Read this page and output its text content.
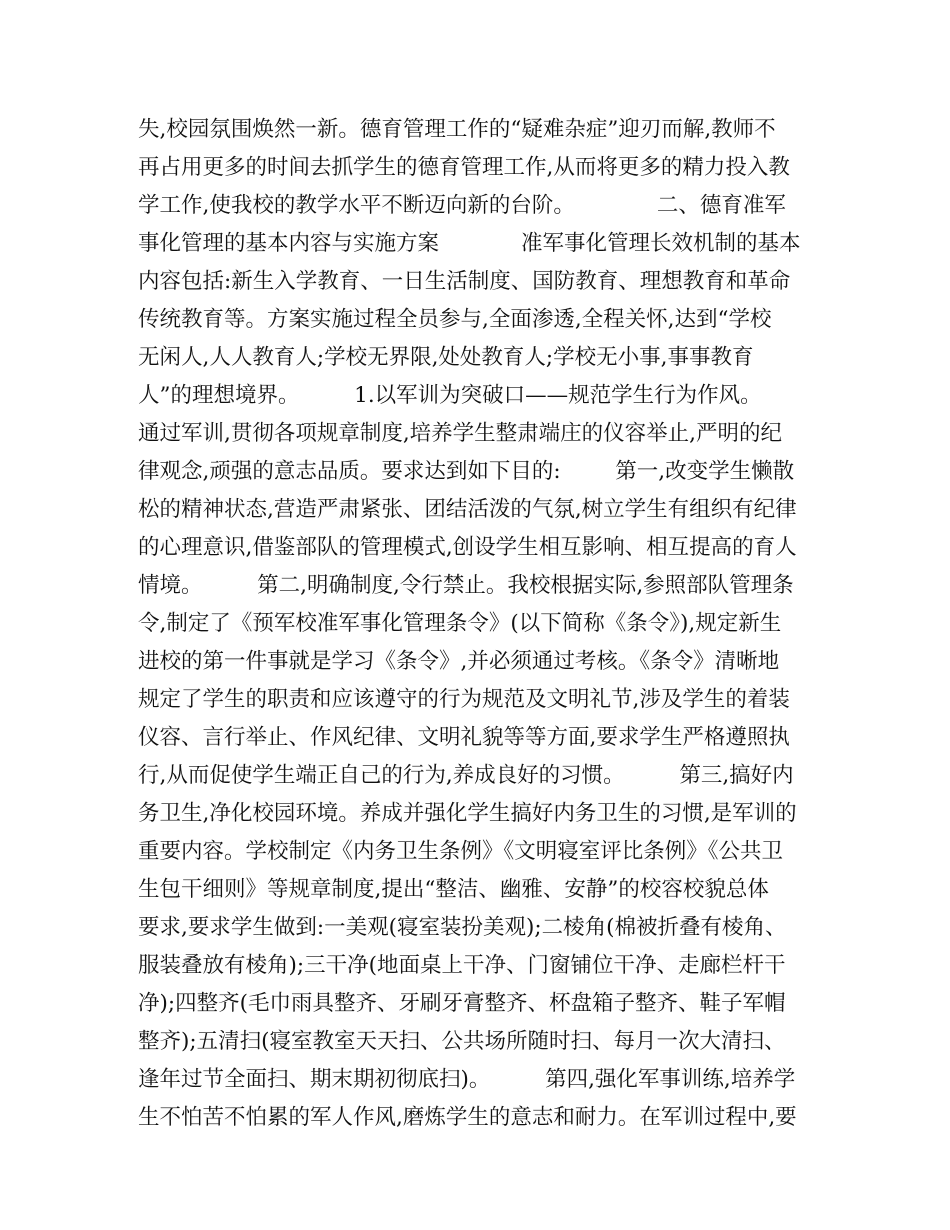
失,校园氛围焕然一新。德育管理工作的“疑难杂症”迎刃而解,教师不
再占用更多的时间去抓学生的德育管理工作,从而将更多的精力投入教
学工作,使我校的教学水平不断迈向新的台阶。            二、德育准军
事化管理的基本内容与实施方案            准军事化管理长效机制的基本
内容包括:新生入学教育、一日生活制度、国防教育、理想教育和革命
传统教育等。方案实施过程全员参与,全面渗透,全程关怀,达到“学校
无闲人,人人教育人;学校无界限,处处教育人;学校无小事,事事教育
人”的理想境界。        1.以军训为突破口——规范学生行为作风。
通过军训,贯彻各项规章制度,培养学生整肃端庄的仪容举止,严明的纪
律观念,顽强的意志品质。要求达到如下目的:        第一,改变学生懒散
松的精神状态,营造严肃紧张、团结活泼的气氛,树立学生有组织有纪律
的心理意识,借鉴部队的管理模式,创设学生相互影响、相互提高的育人
情境。        第二,明确制度,令行禁止。我校根据实际,参照部队管理条
令,制定了《预军校准军事化管理条令》(以下简称《条令》),规定新生
进校的第一件事就是学习《条令》,并必须通过考核。《条令》清晰地
规定了学生的职责和应该遵守的行为规范及文明礼节,涉及学生的着装
仪容、言行举止、作风纪律、文明礼貌等等方面,要求学生严格遵照执
行,从而促使学生端正自己的行为,养成良好的习惯。        第三,搞好内
务卫生,净化校园环境。养成并强化学生搞好内务卫生的习惯,是军训的
重要内容。学校制定《内务卫生条例》《文明寝室评比条例》《公共卫
生包干细则》等规章制度,提出“整洁、幽雅、安静”的校容校貌总体
要求,要求学生做到:一美观(寝室装扮美观);二棱角(棉被折叠有棱角、
服装叠放有棱角);三干净(地面桌上干净、门窗铺位干净、走廊栏杆干
净);四整齐(毛巾雨具整齐、牙刷牙膏整齐、杯盘箱子整齐、鞋子军帽
整齐);五清扫(寝室教室天天扫、公共场所随时扫、每月一次大清扫、
逢年过节全面扫、期末期初彻底扫)。        第四,强化军事训练,培养学
生不怕苦不怕累的军人作风,磨炼学生的意志和耐力。在军训过程中,要
